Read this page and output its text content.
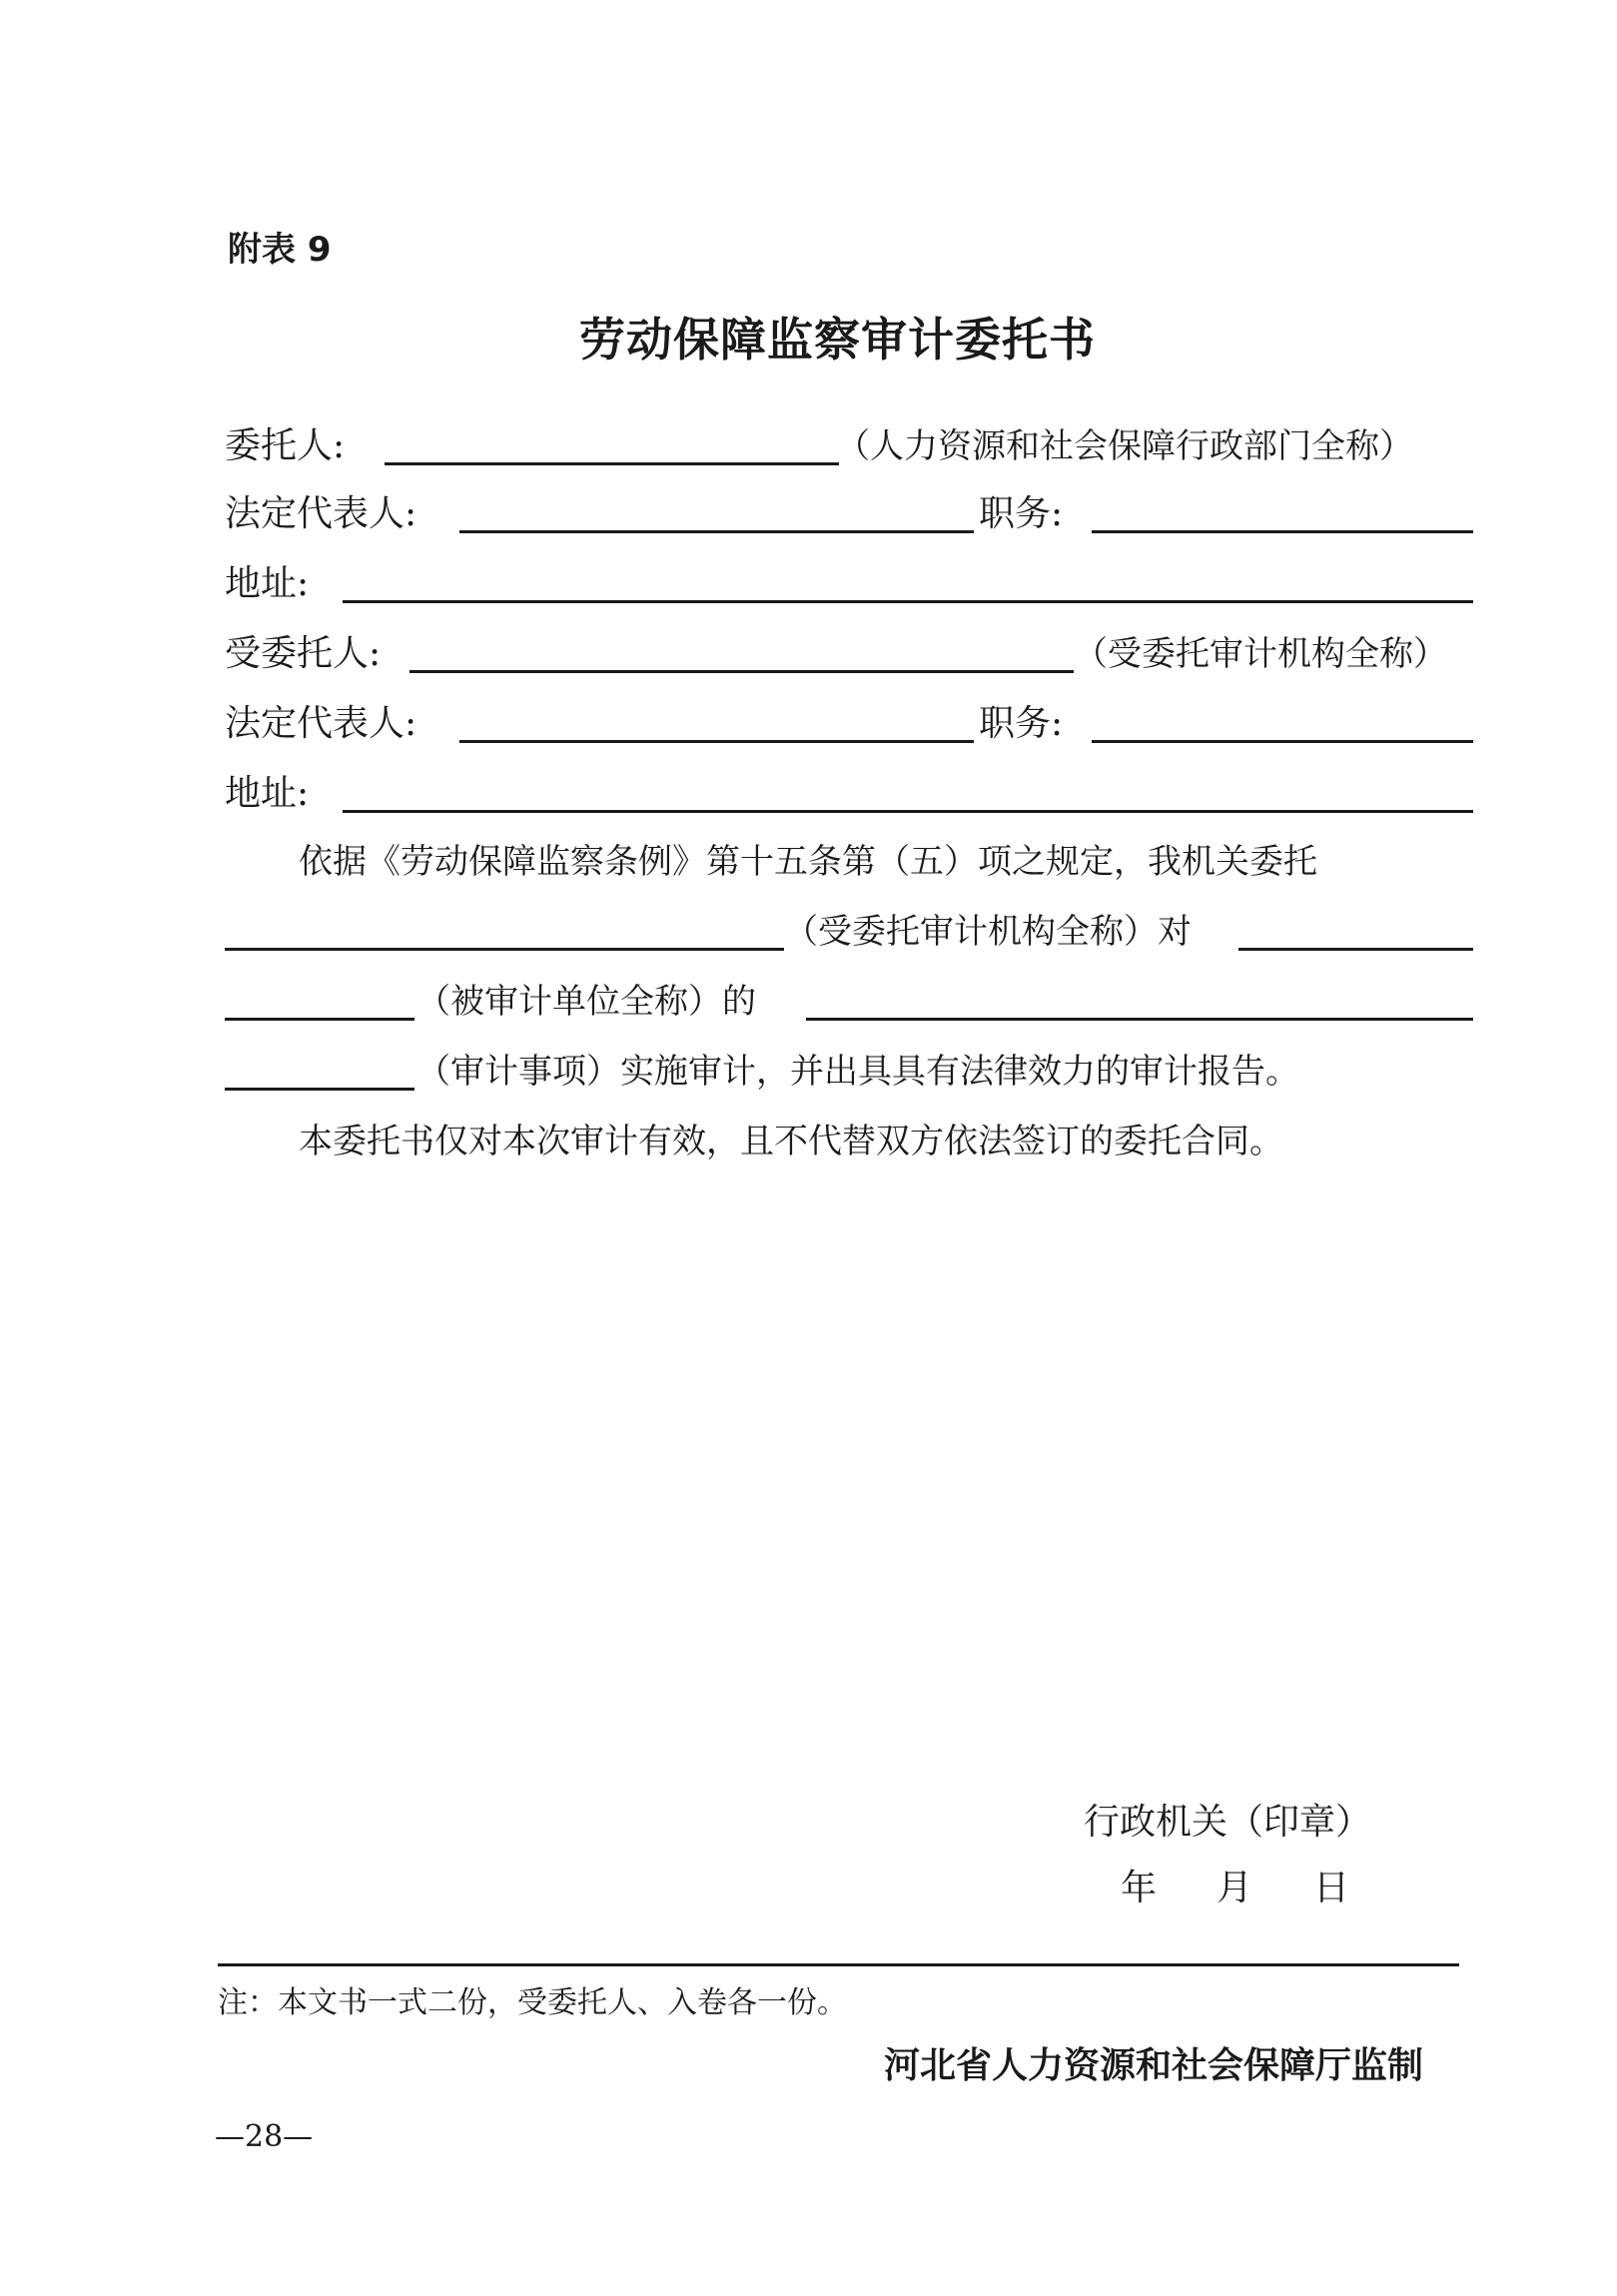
附表 9
劳动保障监察审计委托书
委托人:	（人力资源和社会保障行政部门全称）
法定代表人:	职务:
地址:
受委托人:	（受委托审计机构全称）
法定代表人:	职务:
地址:
依据《劳动保障监察条例》第十五条第（五）项之规定，我机关委托
（受委托审计机构全称）对
（被审计单位全称）的
（审计事项）实施审计，并出具具有法律效力的审计报告。
本委托书仅对本次审计有效，且不代替双方依法签订的委托合同。
行政机关（印章）
年 月 日
注：本文书一式二份，受委托人、入卷各一份。
河北省人力资源和社会保障厅监制
—28—
